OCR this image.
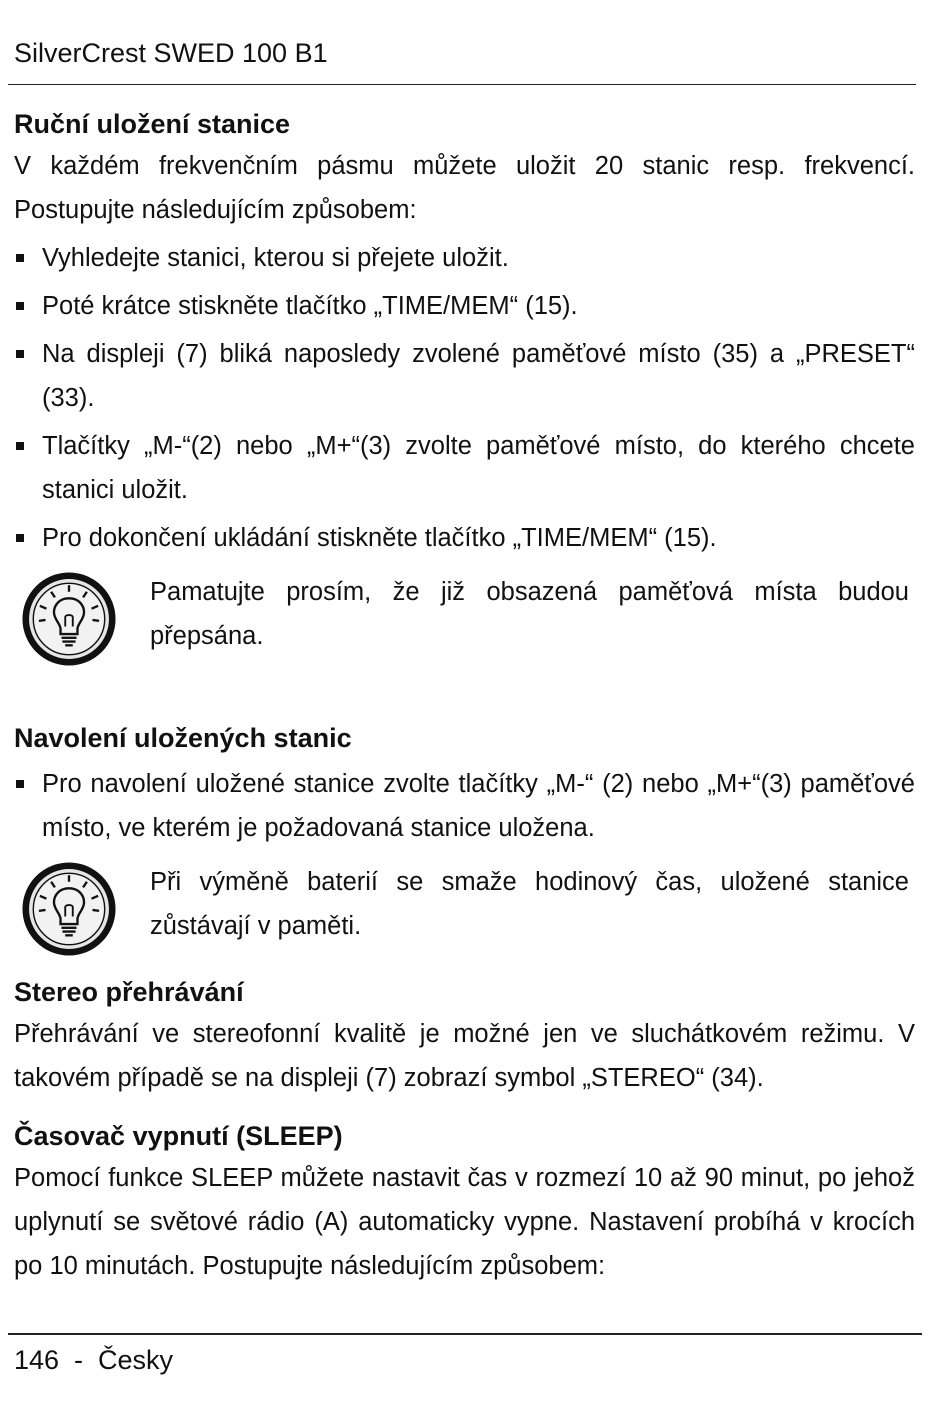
SilverCrest SWED 100 B1
Ruční uložení stanice

V každém frekvenčním pásmu můžete uložit 20 stanic resp. frekvencí. Postupujte následujícím způsobem:

Vyhledejte stanici, kterou si přejete uložit.
Poté krátce stiskněte tlačítko „TIME/MEM“ (15).
Na displeji (7) bliká naposledy zvolené paměťové místo (35) a „PRESET“ (33).
Tlačítky „M-“(2) nebo „M+“(3) zvolte paměťové místo, do kterého chcete stanici uložit.
Pro dokončení ukládání stiskněte tlačítko „TIME/MEM“ (15).
Pamatujte prosím, že již obsazená paměťová místa budou přepsána.
Navolení uložených stanic
Pro navolení uložené stanice zvolte tlačítky „M-“ (2) nebo „M+“(3) paměťové místo, ve kterém je požadovaná stanice uložena.
Při výměně baterií se smaže hodinový čas, uložené stanice zůstávají v paměti.
Stereo přehrávání

Přehrávání ve stereofonní kvalitě je možné jen ve sluchátkovém režimu. V takovém případě se na displeji (7) zobrazí symbol „STEREO“ (34).

Časovač vypnutí (SLEEP)

Pomocí funkce SLEEP můžete nastavit čas v rozmezí 10 až 90 minut, po jehož uplynutí se světové rádio (A) automaticky vypne. Nastavení probíhá v krocích po 10 minutách. Postupujte následujícím způsobem:

146  -  Česky
